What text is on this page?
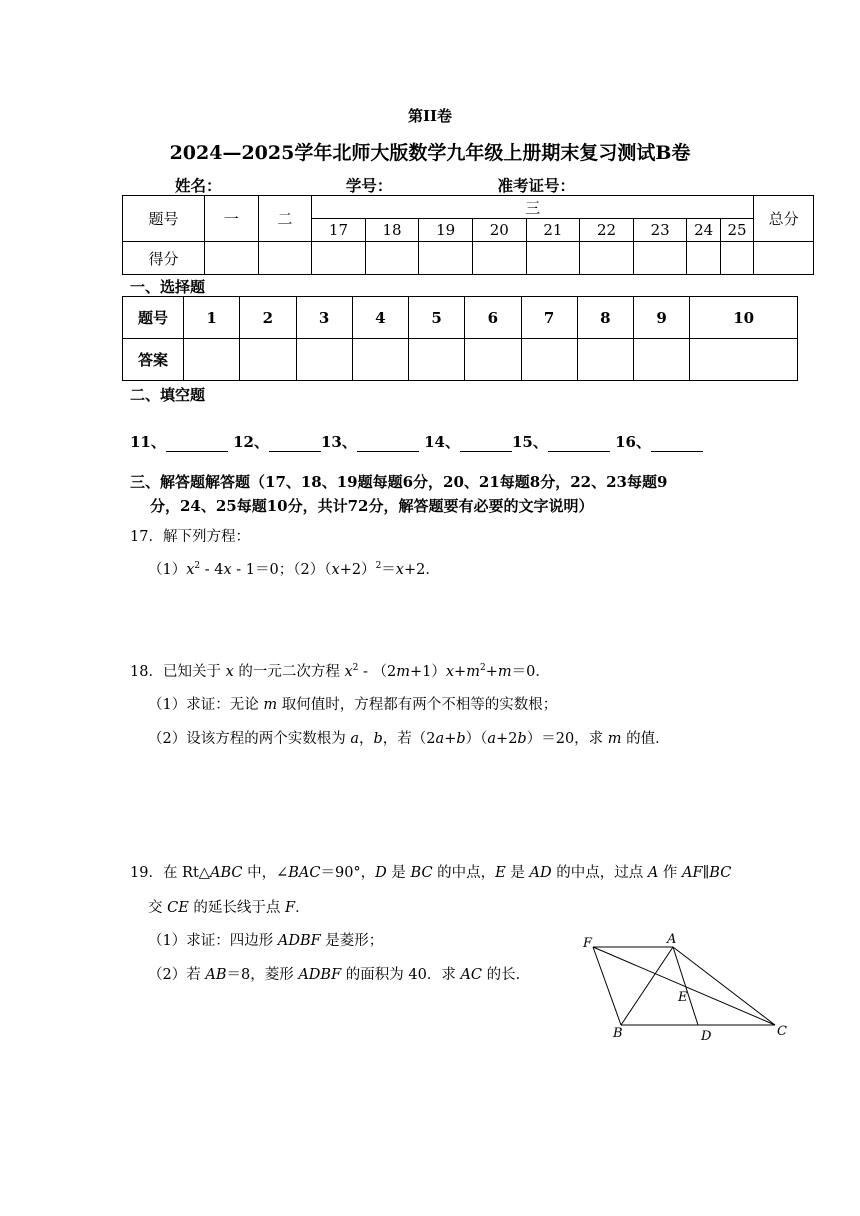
第II卷
2024—2025学年北师大版数学九年级上册期末复习测试B卷
姓名：	学号：	准考证号：
题号	一	二	三									总分
			17	18	19	20	21	22	23	24	25	
得分												
一、选择题
题号	1	2	3	4	5	6	7	8	9	10
答案										
二、填空题
11、	12、	13、	14、	15、	16、
三、解答题解答题（17、18、19题每题6分，20、21每题8分，22、23每题9
分，24、25每题10分，共计72分，解答题要有必要的文字说明）
17．解下列方程：
$(1)x^2 - 4x - 1=0$；$(2)(x+2)^2=x+2$．
18．已知关于 x 的一元二次方程 $x^2 - (2m+1)x+m^2+m=0$．
（1）求证：无论 m 取何值时，方程都有两个不相等的实数根；
（2）设该方程的两个实数根为 a，b，若（2a+b）（a+2b）＝20，求 m 的值．
19．在 Rt△ABC 中，∠BAC＝90°，D 是 BC 的中点，E 是 AD 的中点，过点 A 作 AF∥BC
交 CE 的延长线于点 F．
（1）求证：四边形 ADBF 是菱形；
（2）若 AB＝8，菱形 ADBF 的面积为 40．求 AC 的长．
F	A
E
B	D	C
